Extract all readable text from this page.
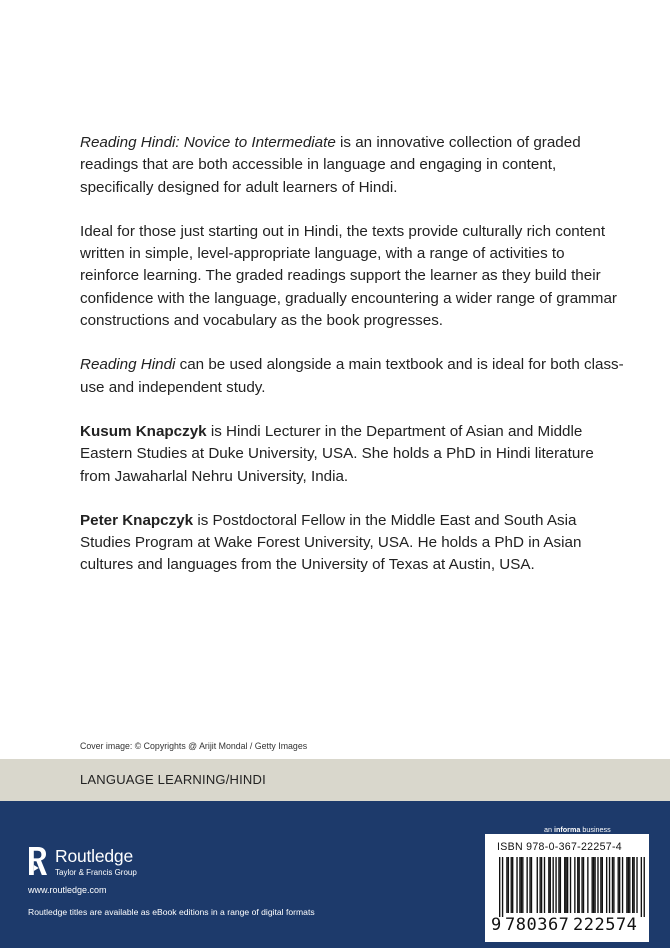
Reading Hindi: Novice to Intermediate is an innovative collection of graded readings that are both accessible in language and engaging in content, specifically designed for adult learners of Hindi.

Ideal for those just starting out in Hindi, the texts provide culturally rich content written in simple, level-appropriate language, with a range of activities to reinforce learning. The graded readings support the learner as they build their confidence with the language, gradually encountering a wider range of grammar constructions and vocabulary as the book progresses.

Reading Hindi can be used alongside a main textbook and is ideal for both class-use and independent study.

Kusum Knapczyk is Hindi Lecturer in the Department of Asian and Middle Eastern Studies at Duke University, USA. She holds a PhD in Hindi literature from Jawaharlal Nehru University, India.

Peter Knapczyk is Postdoctoral Fellow in the Middle East and South Asia Studies Program at Wake Forest University, USA. He holds a PhD in Asian cultures and languages from the University of Texas at Austin, USA.

Cover image: © Copyrights @ Arijit Mondal / Getty Images
LANGUAGE LEARNING/HINDI
Routledge
Taylor & Francis Group
www.routledge.com
Routledge titles are available as eBook editions in a range of digital formats
an informa business
ISBN 978-0-367-22257-4
9 780367 222574
